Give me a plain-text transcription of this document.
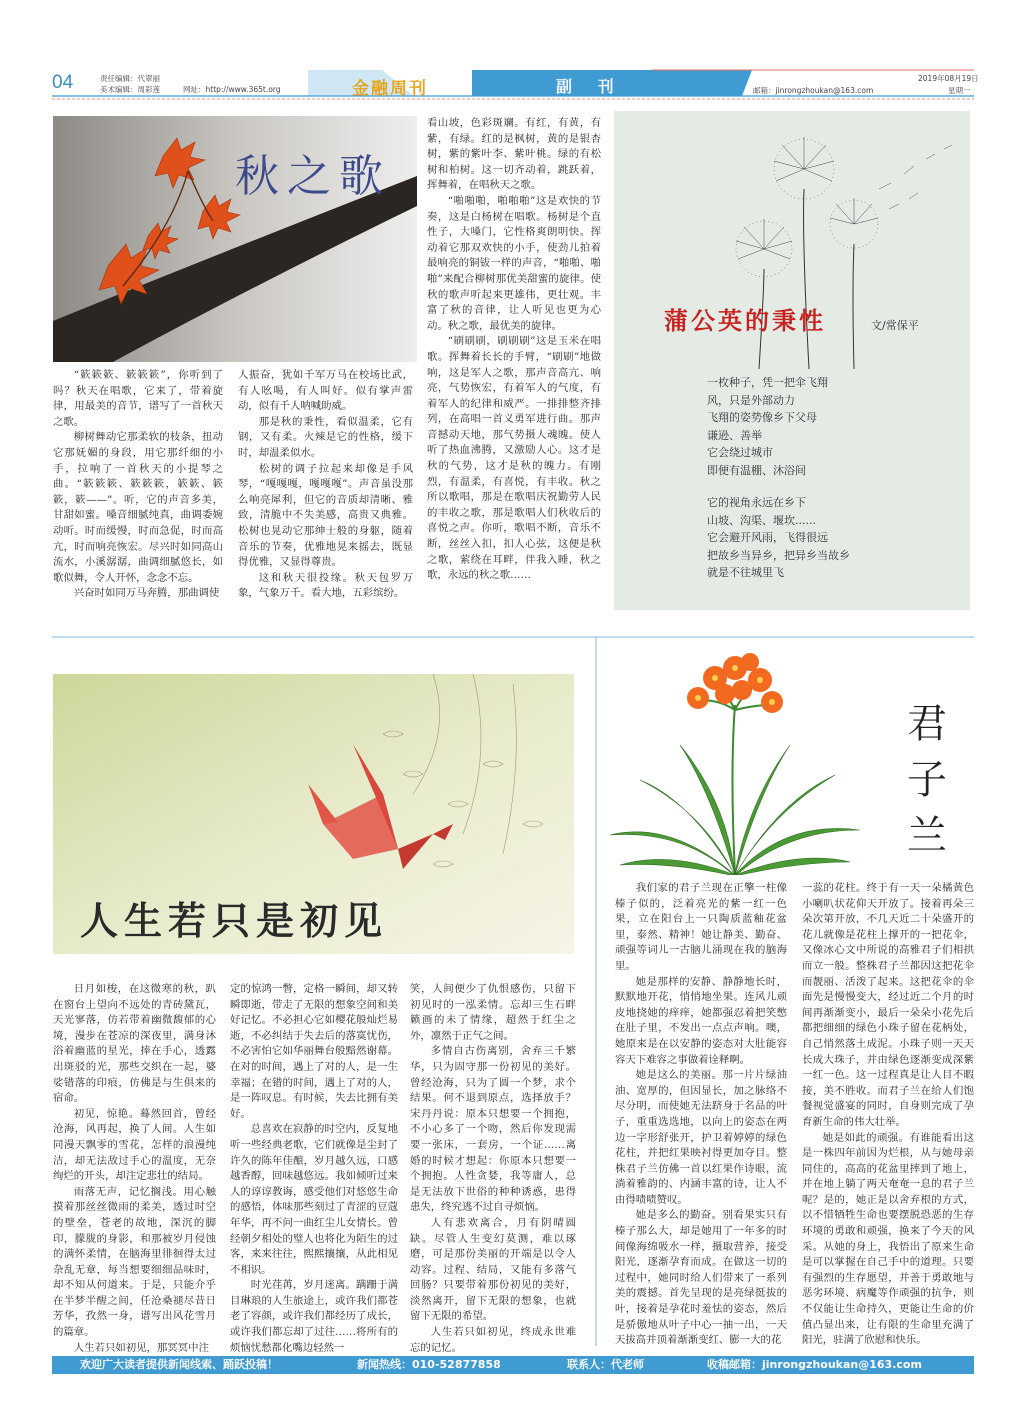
04	责任编辑：代翠丽
美术编辑：周彩莲	网址：http://www.365t.org	金融周刊	副 刊	邮箱：jinrongzhoukan@163.com
2019年08月19日
星期一
秋之歌

“簌簌簌、簌簌簌”，你听到了吗？秋天在唱歌，它来了，带着旋律，用最美的音节，谱写了一首秋天之歌。

柳树舞动它那柔软的枝条，扭动它那妩媚的身段，用它那纤细的小手，拉响了一首秋天的小提琴之曲。“簌簌簌、簌簌簌，簌簌、簌簌，簌——”。听，它的声音多美，甘甜如蜜。嗓音细腻纯真，曲调委婉动听。时而缓慢，时而急促，时而高亢，时而响亮恢宏。尽兴时如同高山流水，小溪潺潺，曲调细腻悠长，如歌似舞，令人开怀，念念不忘。

兴奋时如同万马奔腾，那曲调使

人振奋，犹如千军万马在校场比武，有人吆喝，有人叫好。似有掌声雷动，似有千人呐喊助威。

那是秋的秉性，看似温柔，它有钢，又有柔。火辣是它的性格，缓下时，却温柔似水。

松树的调子拉起来却像是手风琴，“嘎嘎嘎，嘎嘎嘎”。声音虽没那么响亮犀利，但它的音质却清晰、雅致，清脆中不失美感，高贵又典雅。松树也晃动它那绅士般的身躯，随着音乐的节奏，优雅地晃来摇去，既显得优雅，又显得尊贵。

这和秋天很投缘。秋天包罗万象，气象万千。看大地，五彩缤纷。

看山坡，色彩斑斓。有红，有黄，有紫，有绿。红的是枫树，黄的是银杏树，紫的紫叶李、紫叶桃。绿的有松树和柏树。这一切齐动着，跳跃着，挥舞着，在唱秋天之歌。

“啪啪啪，啪啪啪”这是欢快的节奏，这是白杨树在唱歌。杨树是个直性子，大嗓门，它性格爽朗明快。挥动着它那双欢快的小手，使劲儿拍着最响亮的铜钹一样的声音，“啪啪、啪啪”来配合柳树那优美甜蜜的旋律。使秋的歌声听起来更雄伟，更壮观。丰富了秋的音律，让人听见也更为心动。秋之歌，最优美的旋律。

“刷刷刷，刷刷刷”这是玉米在唱歌。挥舞着长长的手臂，“刷刷”地做响，这是军人之歌，那声音高亢、响亮，气势恢宏，有着军人的气度，有着军人的纪律和威严。一排排整齐排列，在高唱一首义勇军进行曲。那声音撼动天地，那气势摄人魂魄。使人听了热血沸腾，又激励人心。这才是秋的气势，这才是秋的魄力。有刚烈，有温柔，有喜悦，有丰收。秋之所以歌唱，那是在歌唱庆祝勤劳人民的丰收之歌，那是歌唱人们秋收后的喜悦之声。你听，歌唱不断，音乐不断，丝丝入扣，扣人心弦，这便是秋之歌，萦绕在耳畔，伴我入睡，秋之歌，永远的秋之歌……

蒲公英的秉性	文/常保平
一枚种子，凭一把伞飞翔
风，只是外部动力
飞翔的姿势像乡下父母
谦逊、善举
它会绕过城市
即便有温棚、沐浴间
它的视角永远在乡下
山坡、沟渠、堰坎......
它会避开风雨，飞得很远
把故乡当异乡，把异乡当故乡
就是不往城里飞
人生若只是初见

日月如梭，在这微寒的秋，趴在窗台上望向不远处的青砖黛瓦，天光寥落，仿若带着幽微馥郁的心境，漫步在苍凉的深夜里，满身沐浴着幽蓝的星光，捧在手心，透露出斑驳的光，那些交织在一起，婆娑错落的印痕，仿佛是与生俱来的宿命。

初见，惊艳。蓦然回首，曾经沧海，风再起，换了人间。人生如同漫天飘零的雪花，怎样的浪漫纯洁，却无法敌过手心的温度，无奈绚烂的开头，却注定悲壮的结局。

雨落无声，记忆搁浅。用心触摸着那丝丝微雨的柔美，透过时空的壁垒，苍老的故地，深沉的脚印，朦胧的身影，和那被岁月侵蚀的满怀柔情，在脑海里徘徊得太过杂乱无章，每当想要细细品味时，却不知从何道来。于是，只能介乎在半梦半醒之间，任沧桑褪尽昔日芳华，孜然一身，谱写出风花雪月的篇章。

人生若只如初见，那冥冥中注

定的惊鸿一瞥，定格一瞬间，却又转瞬即逝，带走了无限的想象空间和美好记忆。不必担心它如樱花般灿烂易逝，不必纠结于失去后的落寞忧伤，不必害怕它如华丽舞台般黯然谢幕。在对的时间，遇上了对的人，是一生幸福；在错的时间，遇上了对的人，是一阵叹息。有时候，失去比拥有美好。

总喜欢在寂静的时空内，反复地听一些经典老歌，它们就像是尘封了许久的陈年佳酿，岁月越久远，口感越香醇，回味越悠远。我如倾听过来人的谆谆教诲，感受他们对悠悠生命的感悟，体味那些刻过了青涩的豆蔻年华，再不问一曲红尘儿女情长。曾经朝夕相处的璧人也将化为陌生的过客，来来往往，熙熙攘攘，从此相见不相识。

时光荏苒，岁月迷离。蹒跚于满目琳琅的人生旅途上，或许我们都苍老了容颜，或许我们都经历了成长，或许我们都忘却了过往……将所有的烦恼忧愁都化嘴边轻然一

笑，人间便少了仇恨感伤，只留下初见时的一泓柔情。忘却三生石畔籁画的未了情缘，超然于红尘之外，凛然于正气之间。

多情自古伤离别，舍弃三千繁华，只为固守那一份初见的美好。曾经沧海，只为了圆一个梦，求个结果。何不退到原点，选择放手？宋丹丹说：原本只想要一个拥抱，不小心多了一个吻，然后你发现需要一张床，一套房，一个证……离婚的时候才想起：你原本只想要一个拥抱。人性贪婪，我等庸人，总是无法放下世俗的种种诱惑，患得患失，终究逃不过自寻烦恼。

人有悲欢离合，月有阴晴圆缺。尽管人生变幻莫测，难以琢磨，可是那份美丽的开端是以令人动容。过程、结局，又能有多落气回肠？只要带着那份初见的美好，淡然离开，留下无限的想象，也就留下无限的希望。

人生若只如初见，终成永世难忘的记忆。

君子兰

我们家的君子兰现在正擎一柱像榛子似的，泛着亮光的紫一红一色果，立在阳台上一只陶质蓝釉花盆里，泰然、精神！她让静美、勤奋、顽强等词儿一古脑儿涌现在我的脑海里。

她是那样的安静、静静地长时，默默地开花，悄悄地坐果。连风儿顽皮地挠她的痒痒，她都强忍着把笑憋在肚子里，不发出一点点声响。噢，她原来是在以安静的姿态对大肚能容容天下难容之事做着诠释啊。

她是这么的美丽。那一片片绿油油、宽厚的，但因显长，加之脉络不尽分明，而使她无法跻身于名品的叶子，重重选选地，以向上的姿态在两边一字形舒张开，护卫着婷婷的绿色花柱，并把红果映衬得更加夺目。整株君子兰仿佛一首以红果作诗眼，流淌着雅韵的、内涵丰富的诗，让人不由得啧啧赞叹。

她是多么的勤奋。别看果实只有榛子那么大，却是她用了一年多的时间像海绵吸水一样，摄取营养，接受阳光，逐渐孕育而成。在做这一切的过程中，她同时给人们带来了一系列美的震撼。首先呈现的是亮绿挺拔的叶，接着是孕花时羞怯的姿态，然后是骄傲地从叶子中心一抽一出，一天天拔高并顶着渐渐变红、膨一大的花

一蕊的花柱。终于有一天一朵橘黄色小喇叭状花仰天开放了。接着再朵三朵次第开放，不几天近二十朵盛开的花儿就像是花柱上撑开的一把花伞，又像冰心文中所说的高雅君子们相拱而立一般。整株君子兰都因这把花伞而靓丽、活泼了起来。这把花伞的伞面先是慢慢变大，经过近二个月的时间再渐渐变小，最后一朵朵小花先后都把细细的绿色小珠子留在花柄处，自己悄然落土成泥。小珠子则一天天长成大珠子，并由绿色逐渐变成深紫一红一色。这一过程真是让人目不暇接，美不胜收。而君子兰在给人们饱餐视觉盛宴的同时，自身则完成了孕育新生命的伟大壮举。

她是如此的顽强。有谁能看出这是一株四年前因为烂根，从与她母亲同住的，高高的花盆里摔到了地上，并在地上躺了两天奄奄一息的君子兰呢？是的，她正是以舍弃根的方式，以不惜牺牲生命也要摆脱恐恶的生存环境的勇敢和顽强，换来了今天的风采。从她的身上，我悟出了原来生命是可以掌握在自己手中的道理。只要有强烈的生存愿望，并善于勇敢地与恶劣环境、病魔等作顽强的抗争，则不仅能让生命持久，更能让生命的价值凸显出来，让有限的生命里充满了阳光，驻满了欣慰和快乐。

欢迎广大读者提供新闻线索、踊跃投稿！	新闻热线：010-52877858	联系人：代老师	收稿邮箱：jinrongzhoukan@163.com
